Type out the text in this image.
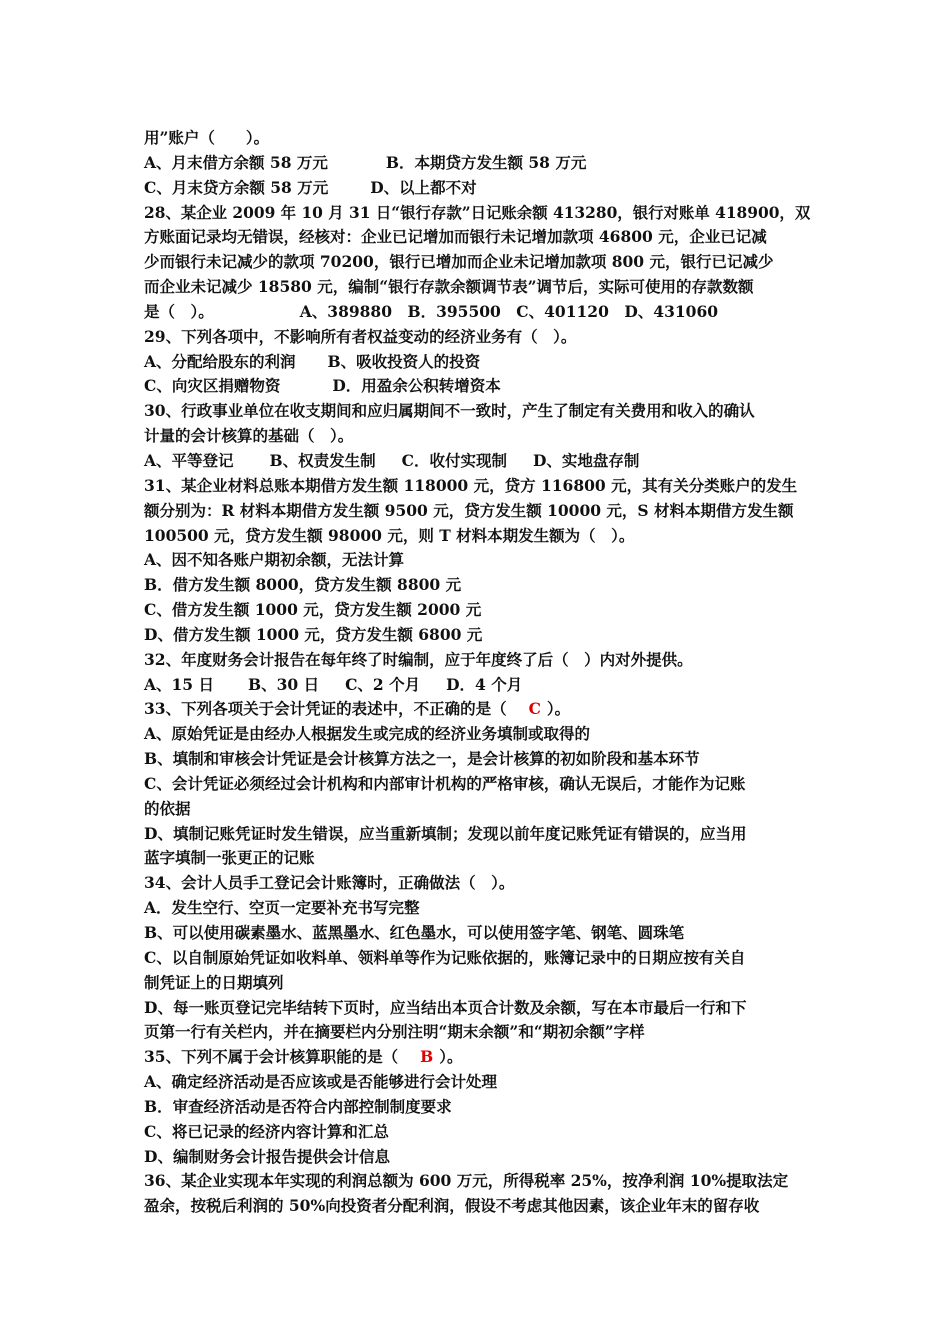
用”账户（　　）。
A、月末借方余额 58 万元	B．本期贷方发生额 58 万元
C、月末贷方余额 58 万元	D、以上都不对
28、某企业 2009 年 10 月 31 日“银行存款”日记账余额 413280，银行对账单 418900，双
方账面记录均无错误，经核对：企业已记增加而银行未记增加款项 46800 元，企业已记减
少而银行未记减少的款项 70200，银行已增加而企业未记增加款项 800 元，银行已记减少
而企业未记减少 18580 元，编制“银行存款余额调节表”调节后，实际可使用的存款数额
是（　）。	A、389880　B．395500　C、401120　D、431060
29、下列各项中，不影响所有者权益变动的经济业务有（　）。
A、分配给股东的利润 B、吸收投资人的投资
C、向灾区捐赠物资	D．用盈余公积转增资本
30、行政事业单位在收支期间和应归属期间不一致时，产生了制定有关费用和收入的确认
计量的会计核算的基础（　）。
A、平等登记 B、权责发生制 C．收付实现制 D、实地盘存制
31、某企业材料总账本期借方发生额 118000 元，贷方 116800 元，其有关分类账户的发生
额分别为：R 材料本期借方发生额 9500 元，贷方发生额 10000 元，S 材料本期借方发生额
100500 元，贷方发生额 98000 元，则 T 材料本期发生额为（　）。
A、因不知各账户期初余额，无法计算
B．借方发生额 8000，贷方发生额 8800 元
C、借方发生额 1000 元，贷方发生额 2000 元
D、借方发生额 1000 元，贷方发生额 6800 元
32、年度财务会计报告在每年终了时编制，应于年度终了后（　）内对外提供。
A、15 日 B、30 日 C、2 个月 D．4 个月
33、下列各项关于会计凭证的表述中，不正确的是（ C ）。
A、原始凭证是由经办人根据发生或完成的经济业务填制或取得的
B、填制和审核会计凭证是会计核算方法之一，是会计核算的初如阶段和基本环节
C、会计凭证必须经过会计机构和内部审计机构的严格审核，确认无误后，才能作为记账
的依据
D、填制记账凭证时发生错误，应当重新填制；发现以前年度记账凭证有错误的，应当用
蓝字填制一张更正的记账
34、会计人员手工登记会计账簿时，正确做法（　）。
A．发生空行、空页一定要补充书写完整
B、可以使用碳素墨水、蓝黑墨水、红色墨水，可以使用签字笔、钢笔、圆珠笔
C、以自制原始凭证如收料单、领料单等作为记账依据的，账簿记录中的日期应按有关自
制凭证上的日期填列
D、每一账页登记完毕结转下页时，应当结出本页合计数及余额，写在本市最后一行和下
页第一行有关栏内，并在摘要栏内分别注明“期末余额”和“期初余额”字样
35、下列不属于会计核算职能的是（ B ）。
A、确定经济活动是否应该或是否能够进行会计处理
B．审查经济活动是否符合内部控制制度要求
C、将已记录的经济内容计算和汇总
D、编制财务会计报告提供会计信息
36、某企业实现本年实现的利润总额为 600 万元，所得税率 25%，按净利润 10%提取法定
盈余，按税后利润的 50%向投资者分配利润，假设不考虑其他因素，该企业年末的留存收
